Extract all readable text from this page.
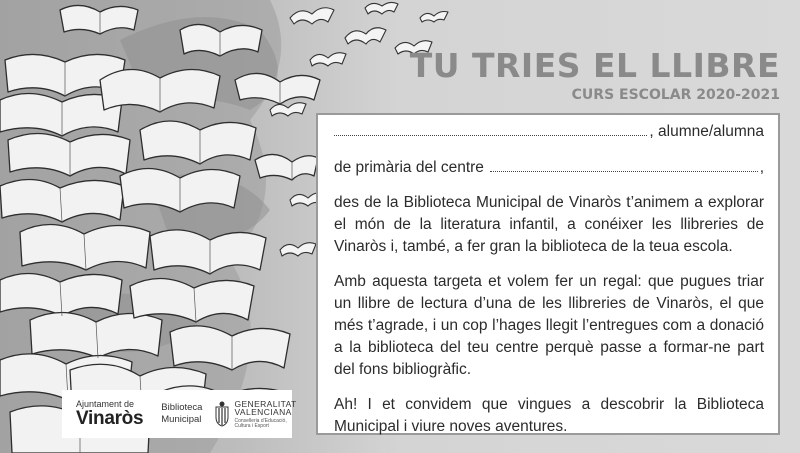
TU TRIES EL LLIBRE
CURS ESCOLAR 2020-2021

, alumne/alumna

de primària del centre	,

des de la Biblioteca Municipal de Vinaròs t’animem a explorar el món de la literatura infantil, a conéixer les llibreries de Vinaròs i, també, a fer gran la biblioteca de la teua escola.

Amb aquesta targeta et volem fer un regal: que pugues triar un llibre de lectura d’una de les llibreries de Vinaròs, el que més t’agrade, i un cop l’hages llegit l’entregues com a donació a la biblioteca del teu centre perquè passe a formar-ne part del fons bibliogràfic.

Ah! I et convidem que vingues a descobrir la Biblioteca Municipal i viure noves aventures.

Ajuntament de
Vinaròs
Biblioteca
Municipal
GENERALITAT
VALENCIANA
Conselleria d’Educació,
Cultura i Esport
